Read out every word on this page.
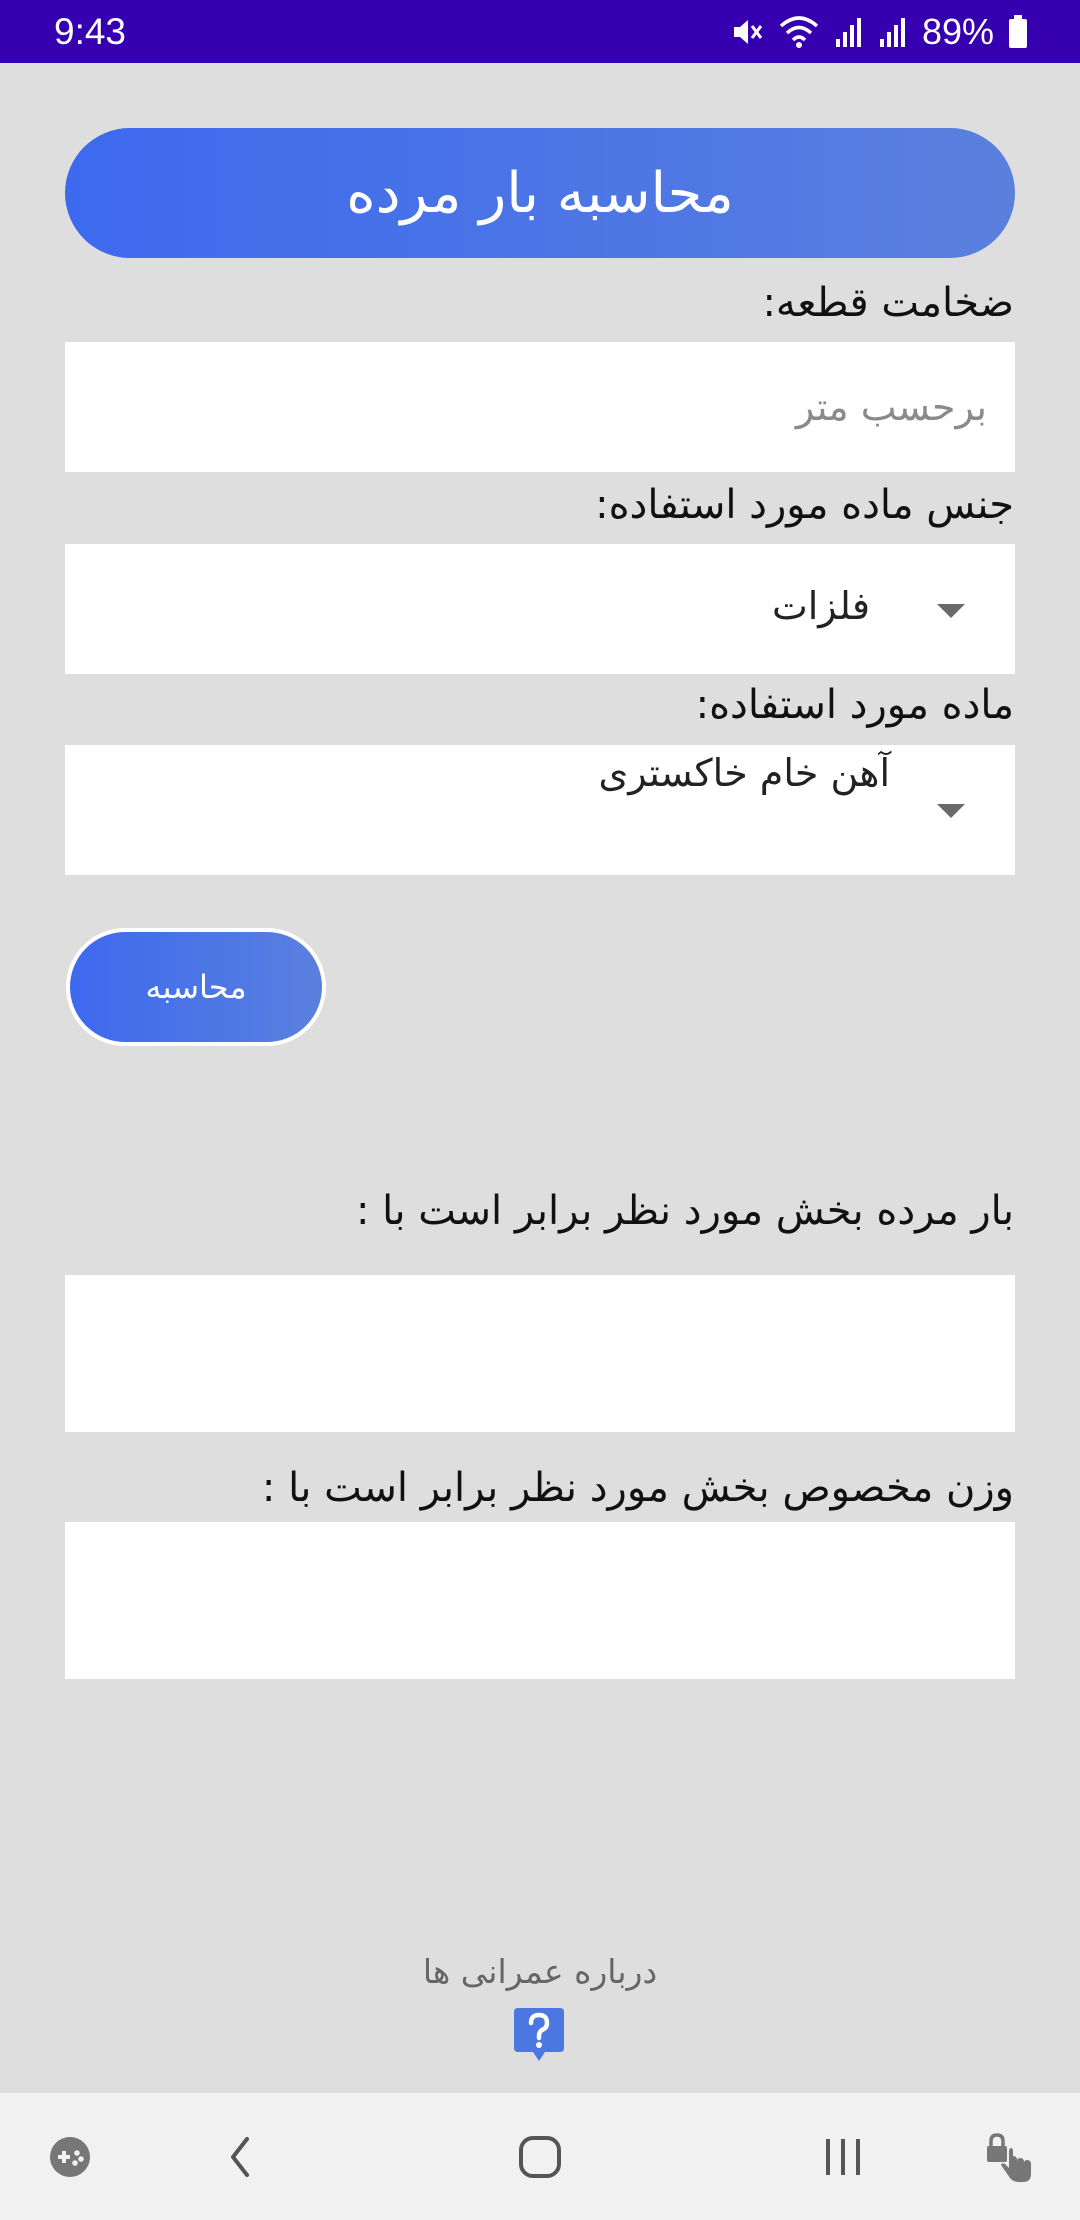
9:43	89%
محاسبه بار مرده
ضخامت قطعه:
برحسب متر
جنس ماده مورد استفاده:
فلزات
ماده مورد استفاده:
آهن خام خاکستری
محاسبه
بار مرده بخش مورد نظر برابر است با :
وزن مخصوص بخش مورد نظر برابر است با :
درباره عمرانی ها
